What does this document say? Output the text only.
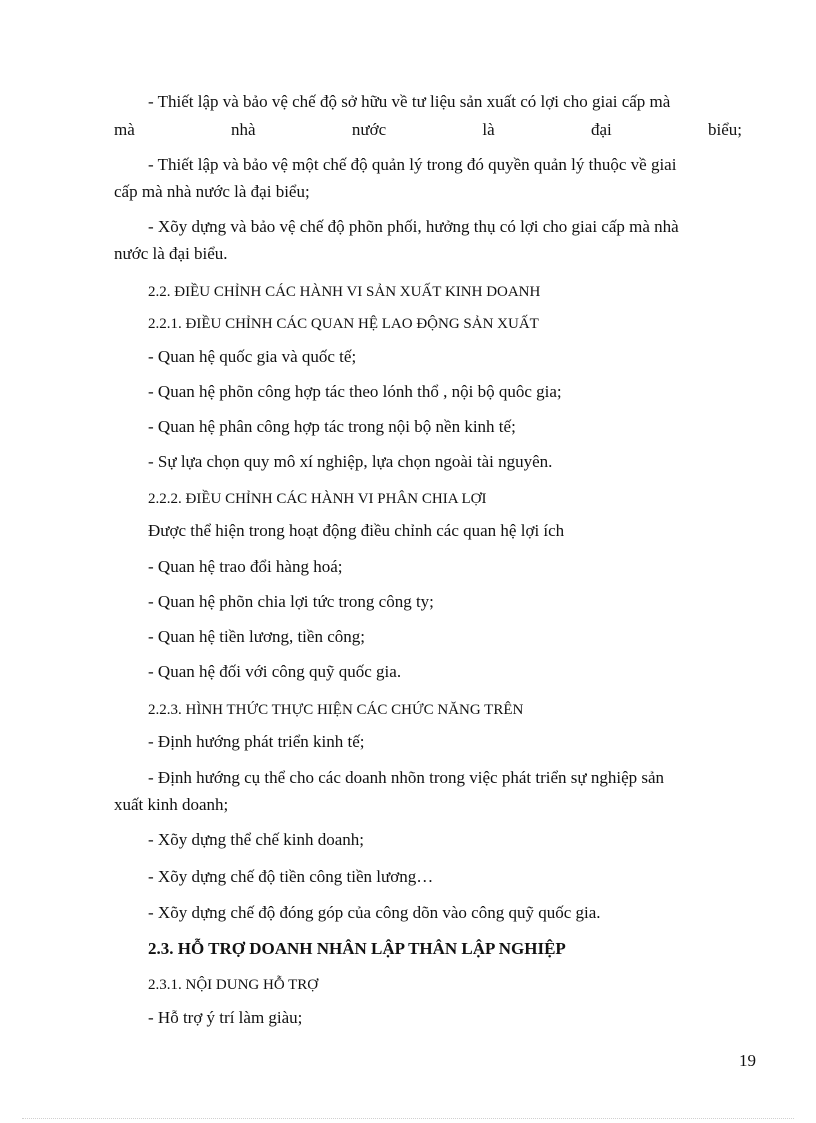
- Thiết lập và bảo vệ chế độ sở hữu về tư liệu sản xuất có lợi cho giai cấp mà
mà nhà nước là đại biểu;
- Thiết lập và bảo vệ một chế độ quản lý trong đó quyền quản lý thuộc về giai
cấp mà nhà nước là đại biểu;
- Xõy dựng và bảo vệ chế độ phõn phối, hưởng thụ có lợi cho giai cấp mà nhà
nước là đại biểu.
2.2. ĐIỀU CHỈNH CÁC HÀNH VI SẢN XUẤT KINH DOANH
2.2.1. ĐIỀU CHỈNH CÁC QUAN HỆ LAO ĐỘNG SẢN XUẤT
- Quan hệ quốc gia và quốc tế;
- Quan hệ phõn công hợp tác theo lónh thổ , nội bộ quôc gia;
- Quan hệ phân công hợp tác trong nội bộ nền kinh tế;
- Sự lựa chọn quy mô xí nghiệp, lựa chọn ngoài tài nguyên.
2.2.2. ĐIỀU CHỈNH CÁC HÀNH VI PHÂN CHIA LỢI
Được thể hiện trong hoạt động điều chỉnh các quan hệ lợi ích
- Quan hệ trao đổi hàng hoá;
- Quan hệ phõn chia lợi tức trong công ty;
- Quan hệ tiền lương, tiền công;
- Quan hệ đối với công quỹ quốc gia.
2.2.3. HÌNH THỨC THỰC HIỆN CÁC CHỨC NĂNG TRÊN
- Định hướng phát triển kinh tế;
- Định hướng cụ thể cho các doanh nhõn trong việc phát triển sự nghiệp sản
xuất kinh doanh;
- Xõy dựng thể chế kinh doanh;
- Xõy dựng chế độ tiền công tiền lương…
- Xõy dựng chế độ đóng góp của công dõn vào công quỹ quốc gia.
2.3. HỖ TRỢ DOANH NHÂN LẬP THÂN LẬP NGHIỆP
2.3.1. NỘI DUNG HỖ TRỢ
- Hỗ trợ ý trí làm giàu;
19
